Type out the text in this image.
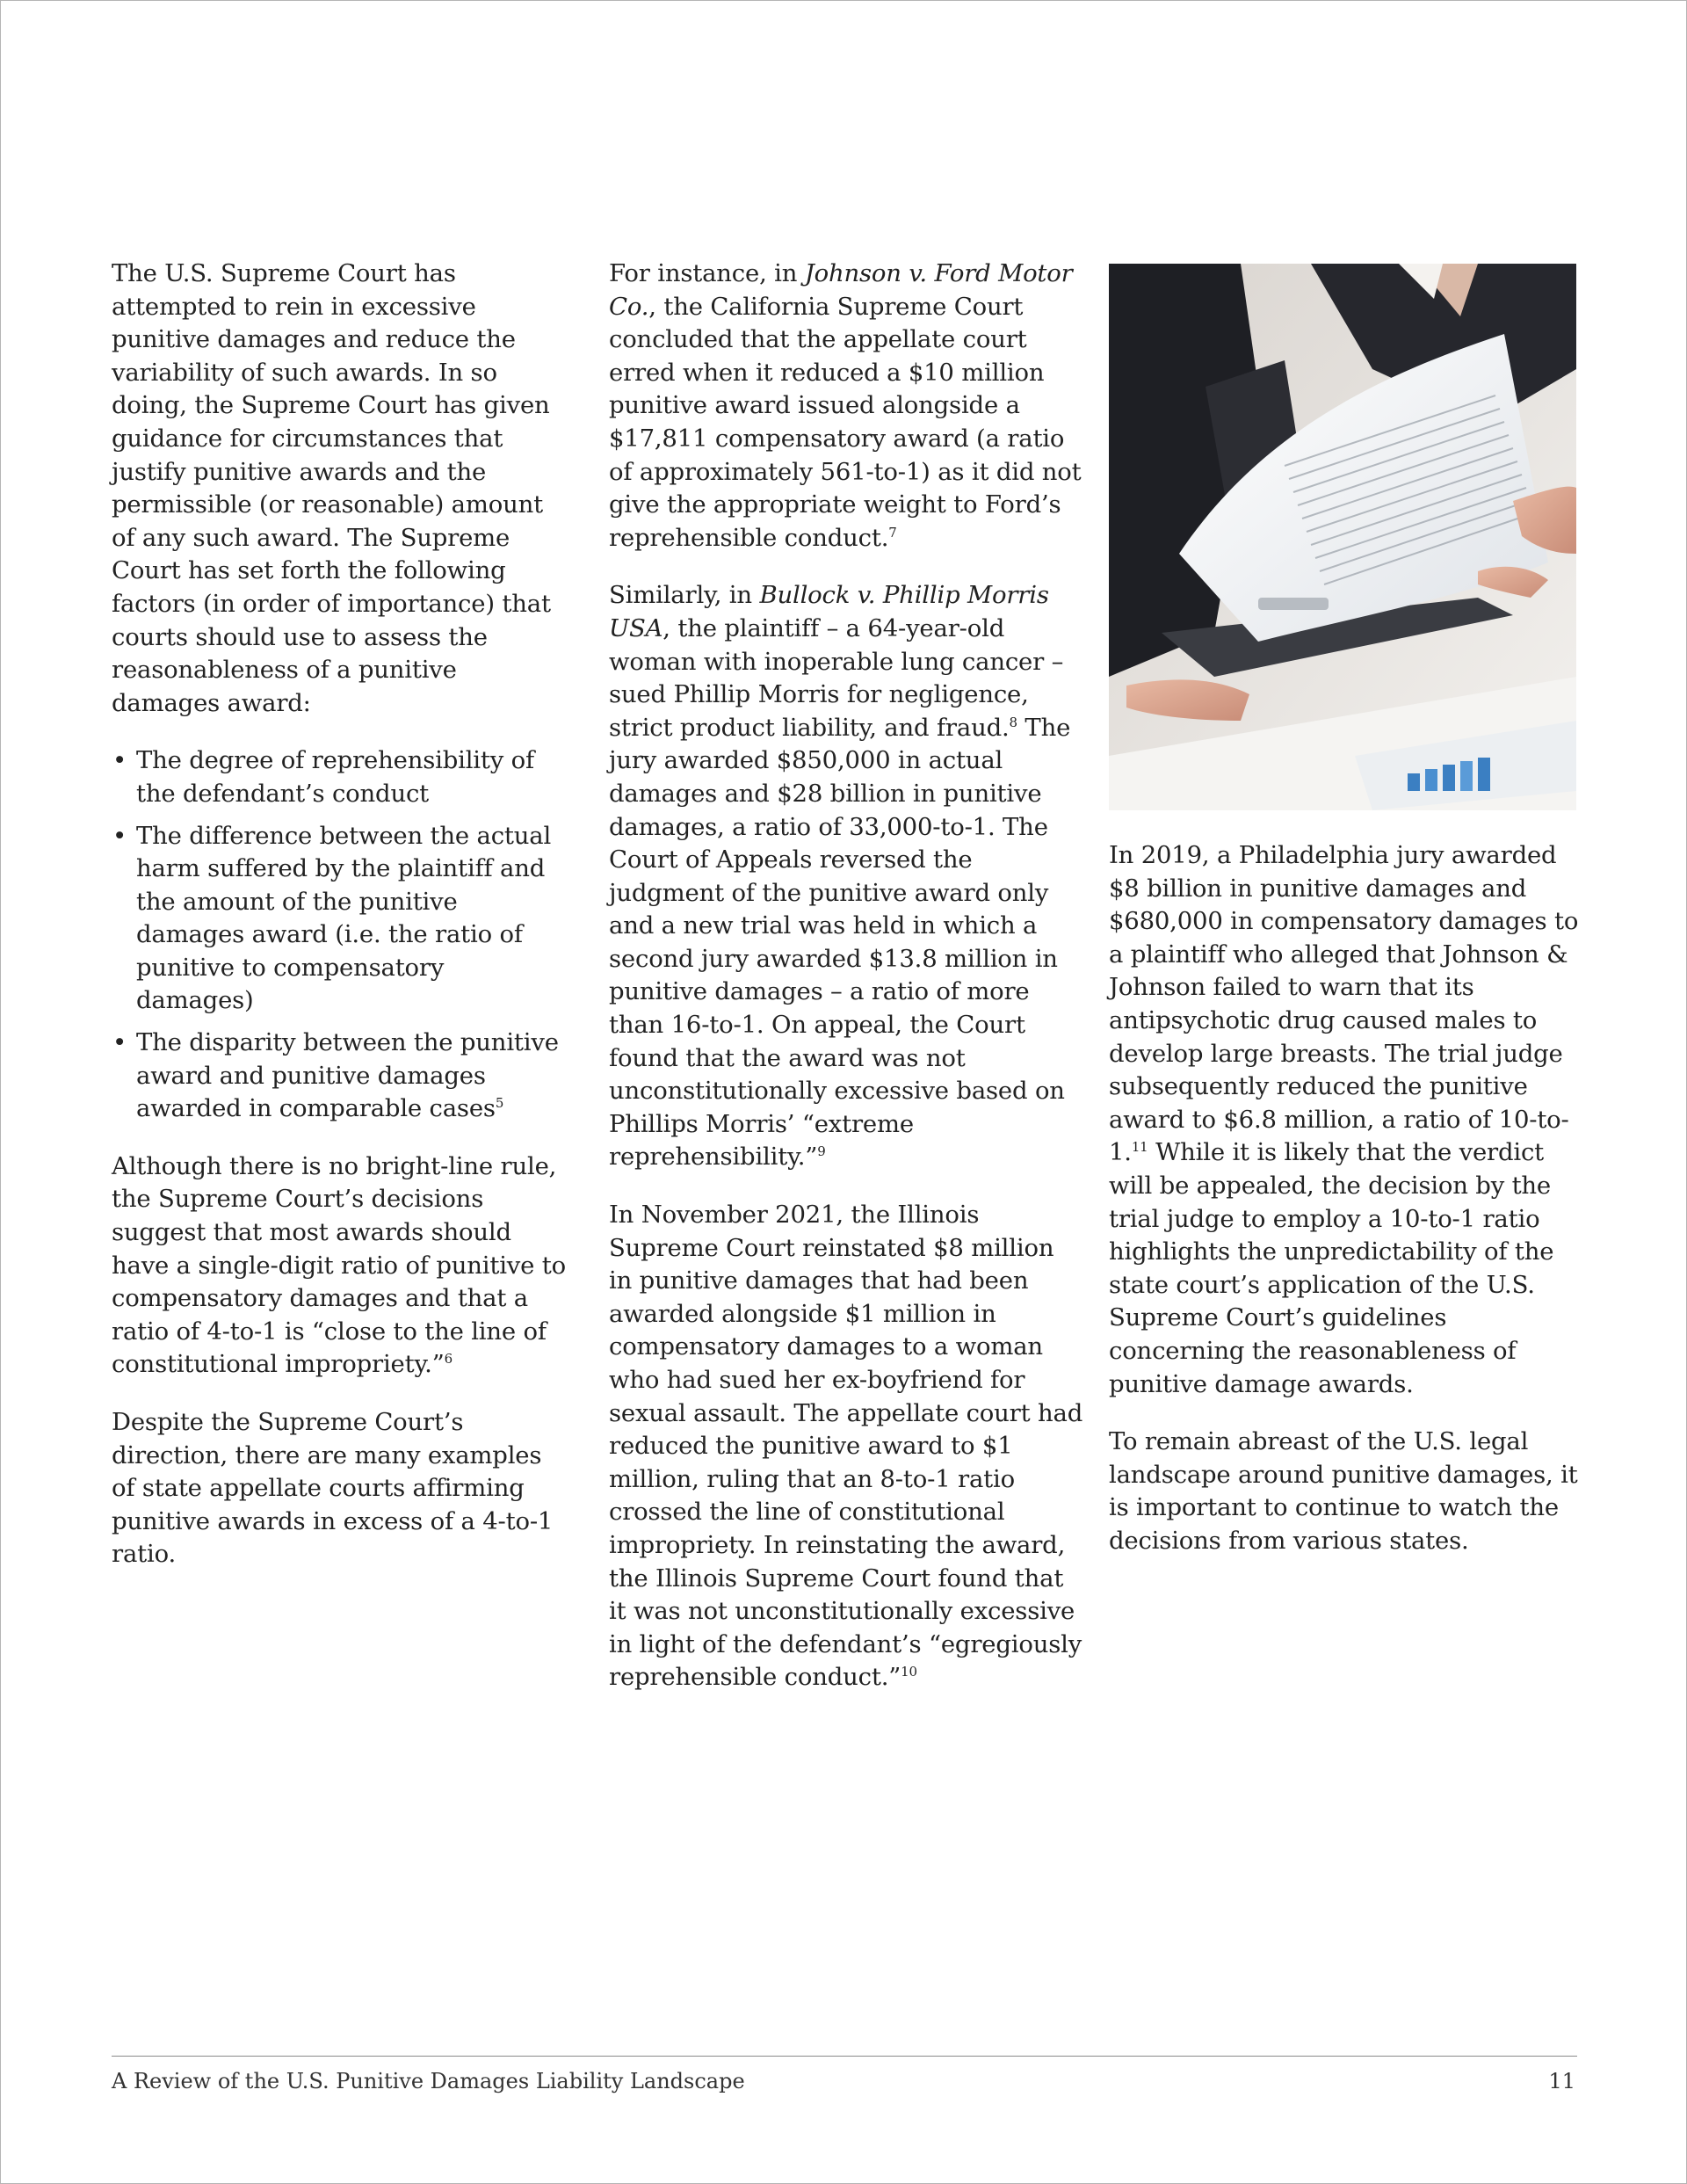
The U.S. Supreme Court has attempted to rein in excessive punitive damages and reduce the variability of such awards. In so doing, the Supreme Court has given guidance for circumstances that justify punitive awards and the permissible (or reasonable) amount of any such award. The Supreme Court has set forth the following factors (in order of importance) that courts should use to assess the reasonableness of a punitive damages award:

• The degree of reprehensibility of the defendant’s conduct
• The difference between the actual harm suffered by the plaintiff and the amount of the punitive damages award (i.e. the ratio of punitive to compensatory damages)
• The disparity between the punitive award and punitive damages awarded in comparable cases$^5$

Although there is no bright-line rule, the Supreme Court’s decisions suggest that most awards should have a single-digit ratio of punitive to compensatory damages and that a ratio of 4-to-1 is “close to the line of constitutional impropriety.”$^6$

Despite the Supreme Court’s direction, there are many examples of state appellate courts affirming punitive awards in excess of a 4-to-1 ratio.

For instance, in Johnson v. Ford Motor Co., the California Supreme Court concluded that the appellate court erred when it reduced a $10 million punitive award issued alongside a $17,811 compensatory award (a ratio of approximately 561-to-1) as it did not give the appropriate weight to Ford’s reprehensible conduct.$^7$

Similarly, in Bullock v. Phillip Morris USA, the plaintiff – a 64-year-old woman with inoperable lung cancer – sued Phillip Morris for negligence, strict product liability, and fraud.$^8$ The jury awarded $850,000 in actual damages and $28 billion in punitive damages, a ratio of 33,000-to-1. The Court of Appeals reversed the judgment of the punitive award only and a new trial was held in which a second jury awarded $13.8 million in punitive damages – a ratio of more than 16-to-1. On appeal, the Court found that the award was not unconstitutionally excessive based on Phillips Morris’ “extreme reprehensibility.”$^9$

In November 2021, the Illinois Supreme Court reinstated $8 million in punitive damages that had been awarded alongside $1 million in compensatory damages to a woman who had sued her ex-boyfriend for sexual assault. The appellate court had reduced the punitive award to $1 million, ruling that an 8-to-1 ratio crossed the line of constitutional impropriety. In reinstating the award, the Illinois Supreme Court found that it was not unconstitutionally excessive in light of the defendant’s “egregiously reprehensible conduct.”$^{10}$

In 2019, a Philadelphia jury awarded $8 billion in punitive damages and $680,000 in compensatory damages to a plaintiff who alleged that Johnson & Johnson failed to warn that its antipsychotic drug caused males to develop large breasts. The trial judge subsequently reduced the punitive award to $6.8 million, a ratio of 10-to-1.11 While it is likely that the verdict will be appealed, the decision by the trial judge to employ a 10-to-1 ratio highlights the unpredictability of the state court’s application of the U.S. Supreme Court’s guidelines concerning the reasonableness of punitive damage awards.

To remain abreast of the U.S. legal landscape around punitive damages, it is important to continue to watch the decisions from various states.

A Review of the U.S. Punitive Damages Liability Landscape	11
